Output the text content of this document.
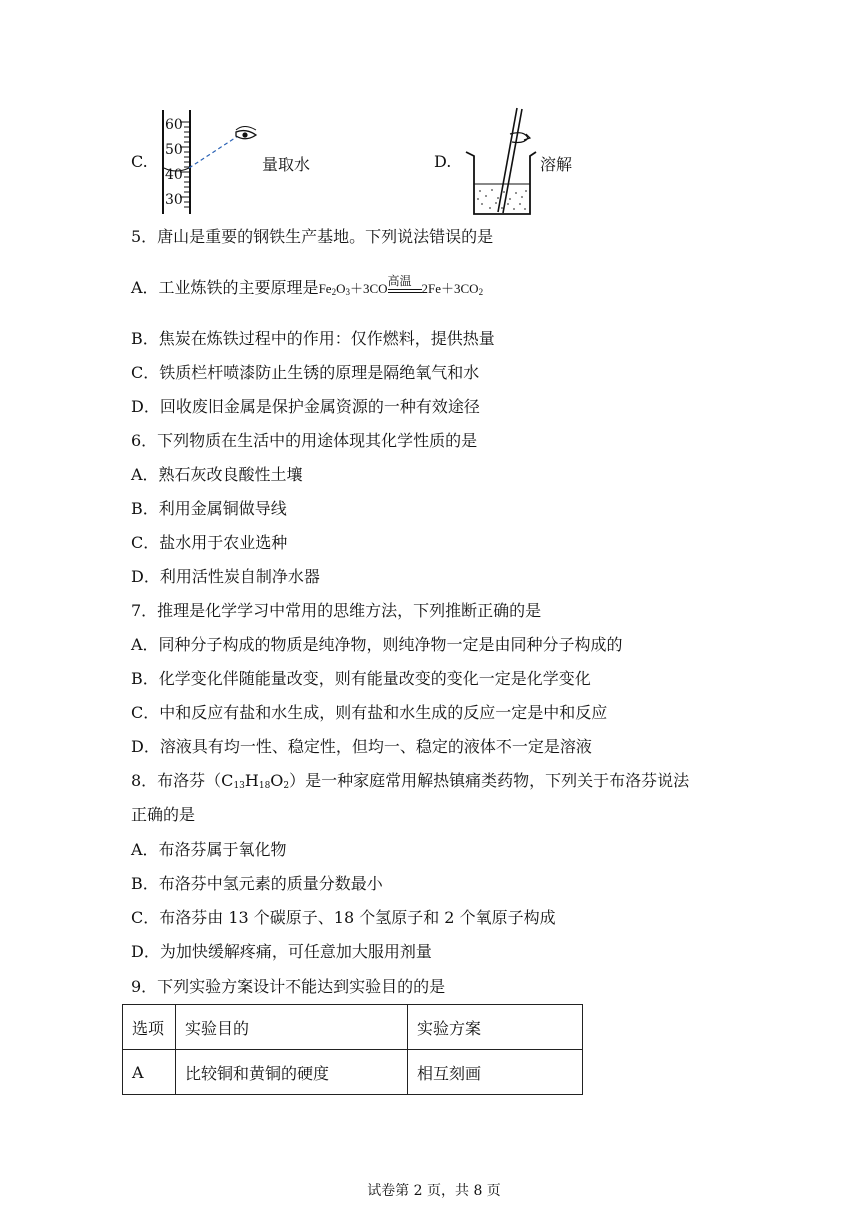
C.
60
50
40
30
量取水	D.	溶解
5．唐山是重要的钢铁生产基地。下列说法错误的是
A．工业炼铁的主要原理是$Fe_2O_3+3CO$ 高温 $2Fe+3CO_2$
B．焦炭在炼铁过程中的作用：仅作燃料，提供热量
C．铁质栏杆喷漆防止生锈的原理是隔绝氧气和水
D．回收废旧金属是保护金属资源的一种有效途径
6．下列物质在生活中的用途体现其化学性质的是
A．熟石灰改良酸性土壤
B．利用金属铜做导线
C．盐水用于农业选种
D．利用活性炭自制净水器
7．推理是化学学习中常用的思维方法，下列推断正确的是
A．同种分子构成的物质是纯净物，则纯净物一定是由同种分子构成的
B．化学变化伴随能量改变，则有能量改变的变化一定是化学变化
C．中和反应有盐和水生成，则有盐和水生成的反应一定是中和反应
D．溶液具有均一性、稳定性，但均一、稳定的液体不一定是溶液
8．布洛芬$(C_{13}H_{18}O_2)$是一种家庭常用解热镇痛类药物，下列关于布洛芬说法
正确的是
A．布洛芬属于氧化物
B．布洛芬中氢元素的质量分数最小
C．布洛芬由 13 个碳原子、18 个氢原子和 2 个氧原子构成
D．为加快缓解疼痛，可任意加大服用剂量
9．下列实验方案设计不能达到实验目的的是
选项	实验目的	实验方案
A	比较铜和黄铜的硬度	相互刻画
试卷第 2 页，共 8 页
